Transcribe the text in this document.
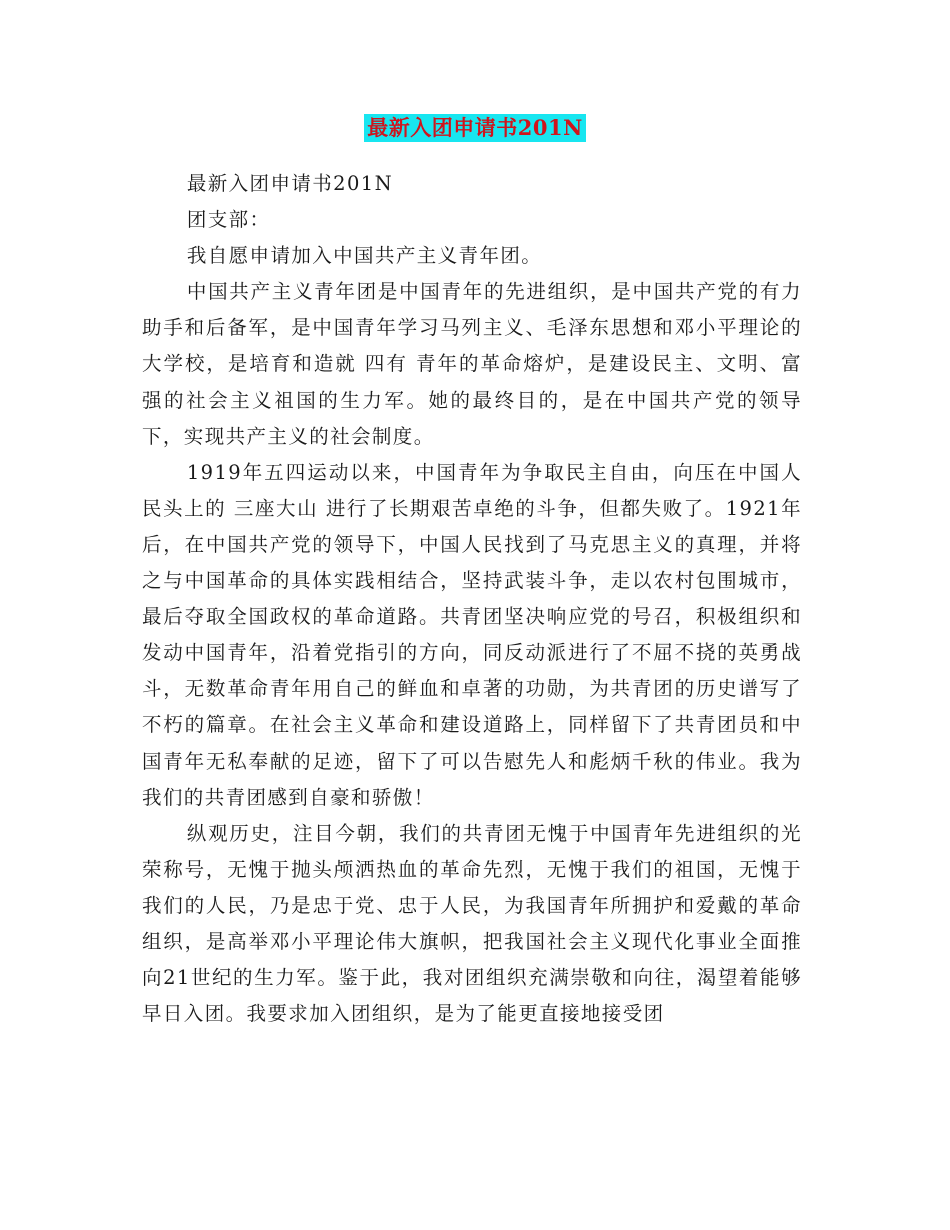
最新入团申请书201N

最新入团申请书201N

团支部：

我自愿申请加入中国共产主义青年团。

中国共产主义青年团是中国青年的先进组织，是中国共产党的有力助手和后备军，是中国青年学习马列主义、毛泽东思想和邓小平理论的大学校，是培育和造就 四有 青年的革命熔炉，是建设民主、文明、富强的社会主义祖国的生力军。她的最终目的，是在中国共产党的领导下，实现共产主义的社会制度。

1919年五四运动以来，中国青年为争取民主自由，向压在中国人民头上的 三座大山 进行了长期艰苦卓绝的斗争，但都失败了。1921年后，在中国共产党的领导下，中国人民找到了马克思主义的真理，并将之与中国革命的具体实践相结合，坚持武装斗争，走以农村包围城市，最后夺取全国政权的革命道路。共青团坚决响应党的号召，积极组织和发动中国青年，沿着党指引的方向，同反动派进行了不屈不挠的英勇战斗，无数革命青年用自己的鲜血和卓著的功勋，为共青团的历史谱写了不朽的篇章。在社会主义革命和建设道路上，同样留下了共青团员和中国青年无私奉献的足迹，留下了可以告慰先人和彪炳千秋的伟业。我为我们的共青团感到自豪和骄傲！

纵观历史，注目今朝，我们的共青团无愧于中国青年先进组织的光荣称号，无愧于抛头颅洒热血的革命先烈，无愧于我们的祖国，无愧于我们的人民，乃是忠于党、忠于人民，为我国青年所拥护和爱戴的革命组织，是高举邓小平理论伟大旗帜，把我国社会主义现代化事业全面推向21世纪的生力军。鉴于此，我对团组织充满崇敬和向往，渴望着能够早日入团。我要求加入团组织，是为了能更直接地接受团
